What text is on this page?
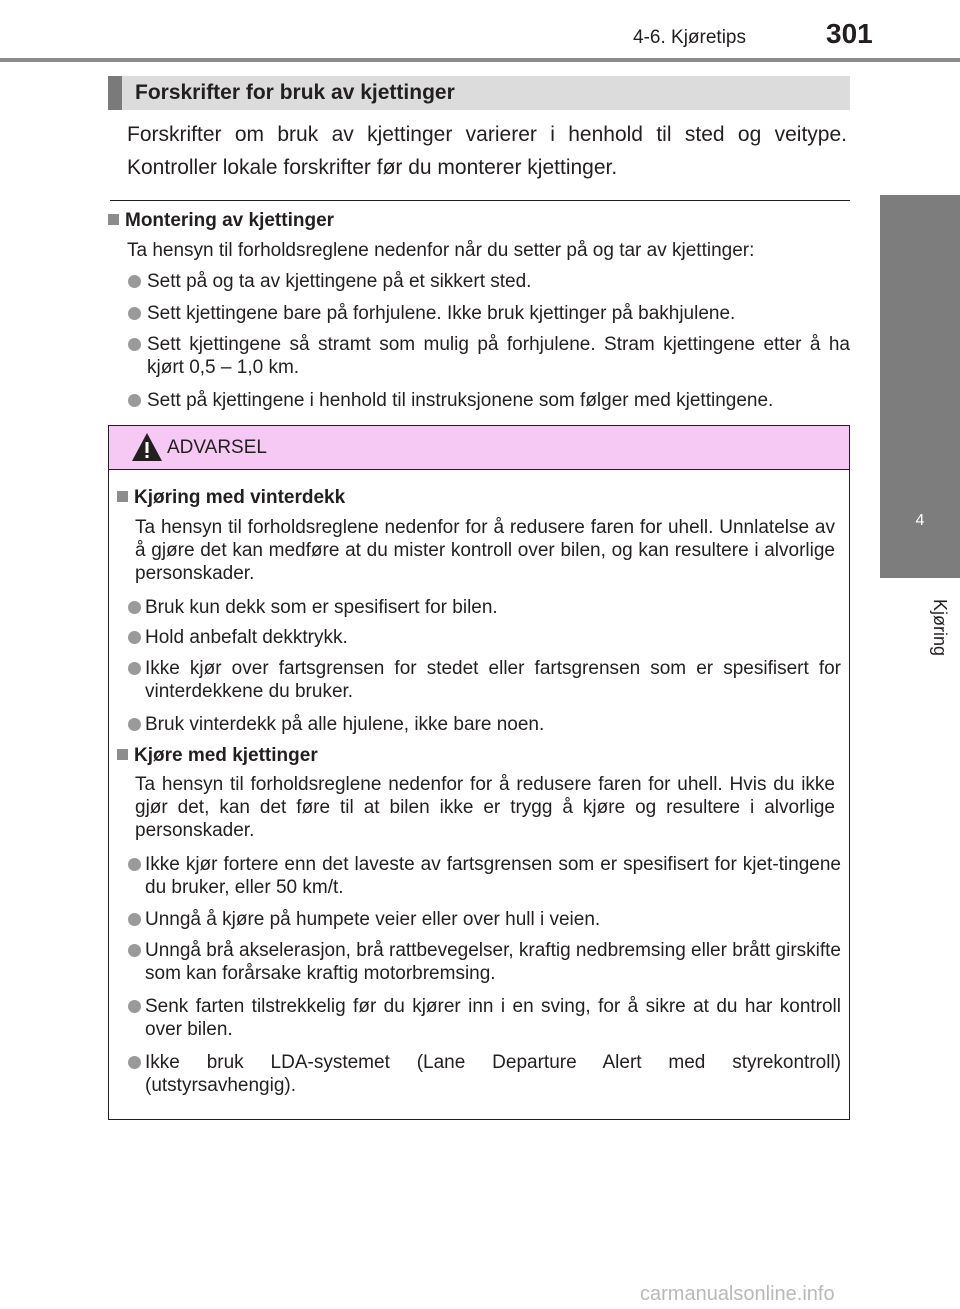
4-6. Kjøretips	301
4
Kjøring
Forskrifter for bruk av kjettinger
Forskrifter om bruk av kjettinger varierer i henhold til sted og veitype. Kontroller lokale forskrifter før du monterer kjettinger.
Montering av kjettinger
Ta hensyn til forholdsreglene nedenfor når du setter på og tar av kjettinger:
Sett på og ta av kjettingene på et sikkert sted.
Sett kjettingene bare på forhjulene. Ikke bruk kjettinger på bakhjulene.
Sett kjettingene så stramt som mulig på forhjulene. Stram kjettingene etter å ha kjørt 0,5 – 1,0 km.
Sett på kjettingene i henhold til instruksjonene som følger med kjettingene.
ADVARSEL
Kjøring med vinterdekk
Ta hensyn til forholdsreglene nedenfor for å redusere faren for uhell. Unnlatelse av å gjøre det kan medføre at du mister kontroll over bilen, og kan resultere i alvorlige personskader.
Bruk kun dekk som er spesifisert for bilen.
Hold anbefalt dekktrykk.
Ikke kjør over fartsgrensen for stedet eller fartsgrensen som er spesifisert for vinterdekkene du bruker.
Bruk vinterdekk på alle hjulene, ikke bare noen.
Kjøre med kjettinger
Ta hensyn til forholdsreglene nedenfor for å redusere faren for uhell. Hvis du ikke gjør det, kan det føre til at bilen ikke er trygg å kjøre og resultere i alvorlige personskader.
Ikke kjør fortere enn det laveste av fartsgrensen som er spesifisert for kjet-tingene du bruker, eller 50 km/t.
Unngå å kjøre på humpete veier eller over hull i veien.
Unngå brå akselerasjon, brå rattbevegelser, kraftig nedbremsing eller brått girskifte som kan forårsake kraftig motorbremsing.
Senk farten tilstrekkelig før du kjører inn i en sving, for å sikre at du har kontroll over bilen.
Ikke bruk LDA-systemet (Lane Departure Alert med styrekontroll) (utstyrsavhengig).
carmanualsonline.info
